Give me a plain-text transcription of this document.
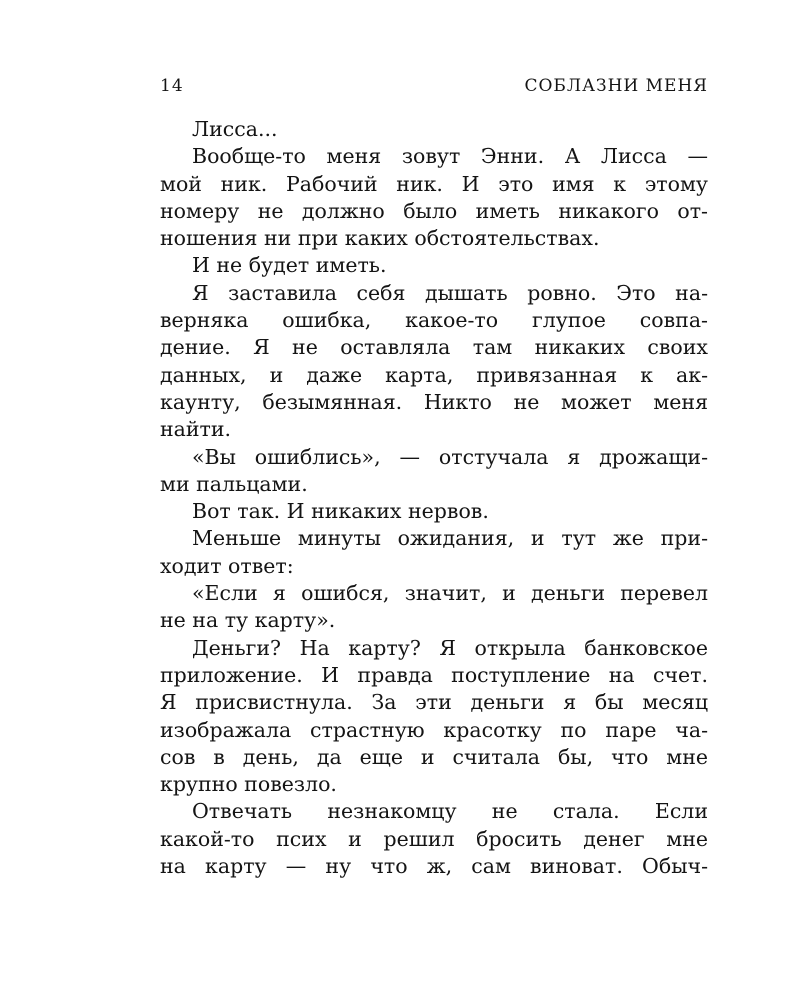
14	СОБЛАЗНИ МЕНЯ
Лисса...
Вообще-то меня зовут Энни. А Лисса —
мой ник. Рабочий ник. И это имя к этому
номеру не должно было иметь никакого от-
ношения ни при каких обстоятельствах.
И не будет иметь.
Я заставила себя дышать ровно. Это на-
верняка ошибка, какое-то глупое совпа-
дение. Я не оставляла там никаких своих
данных, и даже карта, привязанная к ак-
каунту, безымянная. Никто не может меня
найти.
«Вы ошиблись», — отстучала я дрожащи-
ми пальцами.
Вот так. И никаких нервов.
Меньше минуты ожидания, и тут же при-
ходит ответ:
«Если я ошибся, значит, и деньги перевел
не на ту карту».
Деньги? На карту? Я открыла банковское
приложение. И правда поступление на счет.
Я присвистнула. За эти деньги я бы месяц
изображала страстную красотку по паре ча-
сов в день, да еще и считала бы, что мне
крупно повезло.
Отвечать незнакомцу не стала. Если
какой-то псих и решил бросить денег мне
на карту — ну что ж, сам виноват. Обыч-
